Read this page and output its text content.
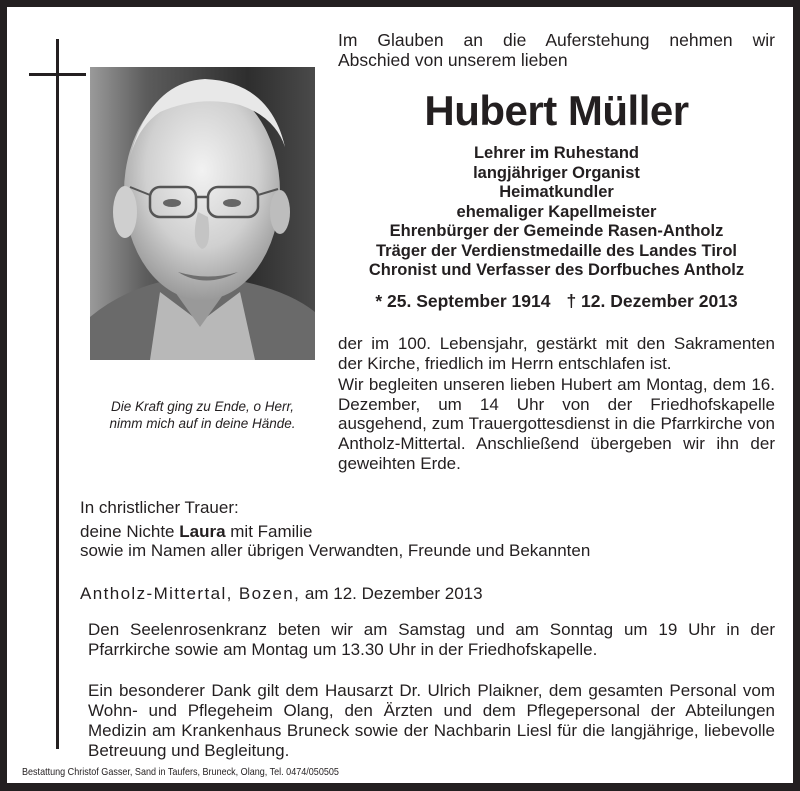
Die Kraft ging zu Ende, o Herr,
nimm mich auf in deine Hände.
Im Glauben an die Auferstehung nehmen wir
Abschied von unserem lieben
Hubert Müller
Lehrer im Ruhestand
langjähriger Organist
Heimatkundler
ehemaliger Kapellmeister
Ehrenbürger der Gemeinde Rasen-Antholz
Träger der Verdienstmedaille des Landes Tirol
Chronist und Verfasser des Dorfbuches Antholz
* 25. September 1914 † 12. Dezember 2013

der im 100. Lebensjahr, gestärkt mit den Sakramenten der Kirche, friedlich im Herrn entschlafen ist.

Wir begleiten unseren lieben Hubert am Montag, dem 16. Dezember, um 14 Uhr von der Friedhofskapelle ausgehend, zum Trauergottesdienst in die Pfarrkirche von Antholz-Mittertal. Anschließend übergeben wir ihn der geweihten Erde.

In christlicher Trauer:

deine Nichte Laura mit Familie

sowie im Namen aller übrigen Verwandten, Freunde und Bekannten

Antholz-Mittertal, Bozen, am 12. Dezember 2013
Den Seelenrosenkranz beten wir am Samstag und am Sonntag um 19 Uhr in der Pfarrkirche sowie am Montag um 13.30 Uhr in der Friedhofskapelle.
Ein besonderer Dank gilt dem Hausarzt Dr. Ulrich Plaikner, dem gesamten Personal vom Wohn- und Pflegeheim Olang, den Ärzten und dem Pflegepersonal der Abteilungen Medizin am Krankenhaus Bruneck sowie der Nachbarin Liesl für die langjährige, liebevolle Betreuung und Begleitung.
Bestattung Christof Gasser, Sand in Taufers, Bruneck, Olang, Tel. 0474/050505
